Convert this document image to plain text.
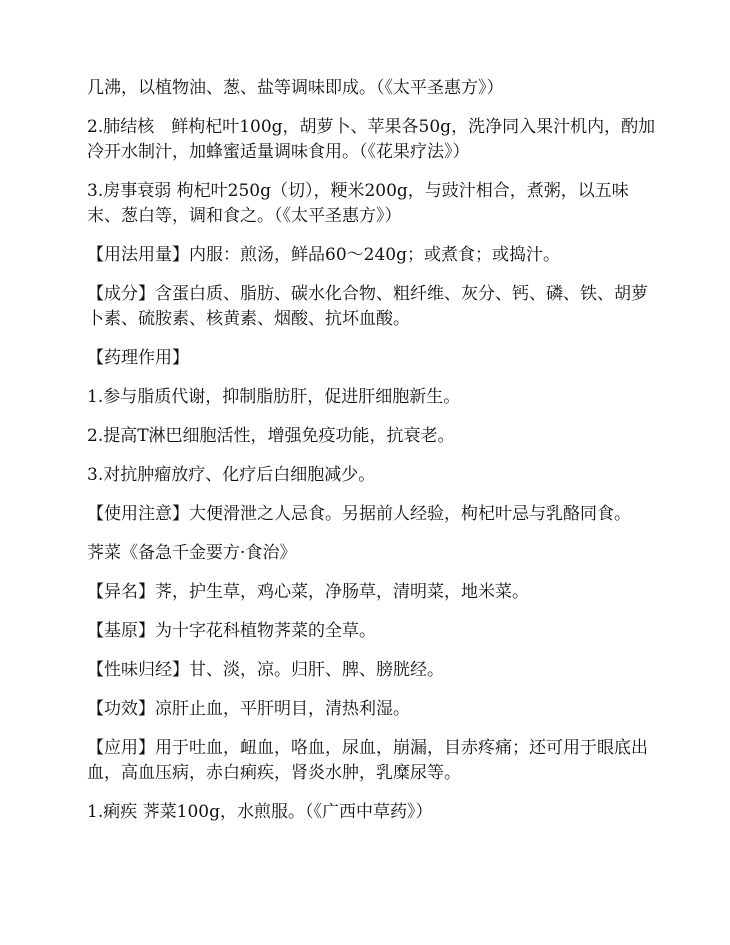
几沸，以植物油、葱、盐等调味即成。（《太平圣惠方》）

2.肺结核　鲜枸杞叶100g，胡萝卜、苹果各50g，洗净同入果汁机内，酌加冷开水制汁，加蜂蜜适量调味食用。（《花果疗法》）

3.房事衰弱 枸杞叶250g（切），粳米200g，与豉汁相合，煮粥，以五味末、葱白等，调和食之。（《太平圣惠方》）

【用法用量】内服：煎汤，鲜品60～240g；或煮食；或捣汁。

【成分】含蛋白质、脂肪、碳水化合物、粗纤维、灰分、钙、磷、铁、胡萝卜素、硫胺素、核黄素、烟酸、抗坏血酸。

【药理作用】

1.参与脂质代谢，抑制脂肪肝，促进肝细胞新生。

2.提高T淋巴细胞活性，增强免疫功能，抗衰老。

3.对抗肿瘤放疗、化疗后白细胞减少。

【使用注意】大便滑泄之人忌食。另据前人经验，枸杞叶忌与乳酪同食。

荠菜《备急千金要方·食治》

【异名】荠，护生草，鸡心菜，净肠草，清明菜，地米菜。

【基原】为十字花科植物荠菜的全草。

【性味归经】甘、淡，凉。归肝、脾、膀胱经。

【功效】凉肝止血，平肝明目，清热利湿。

【应用】用于吐血，衄血，咯血，尿血，崩漏，目赤疼痛；还可用于眼底出血，高血压病，赤白痢疾，肾炎水肿，乳糜尿等。

1.痢疾 荠菜100g，水煎服。（《广西中草药》）
